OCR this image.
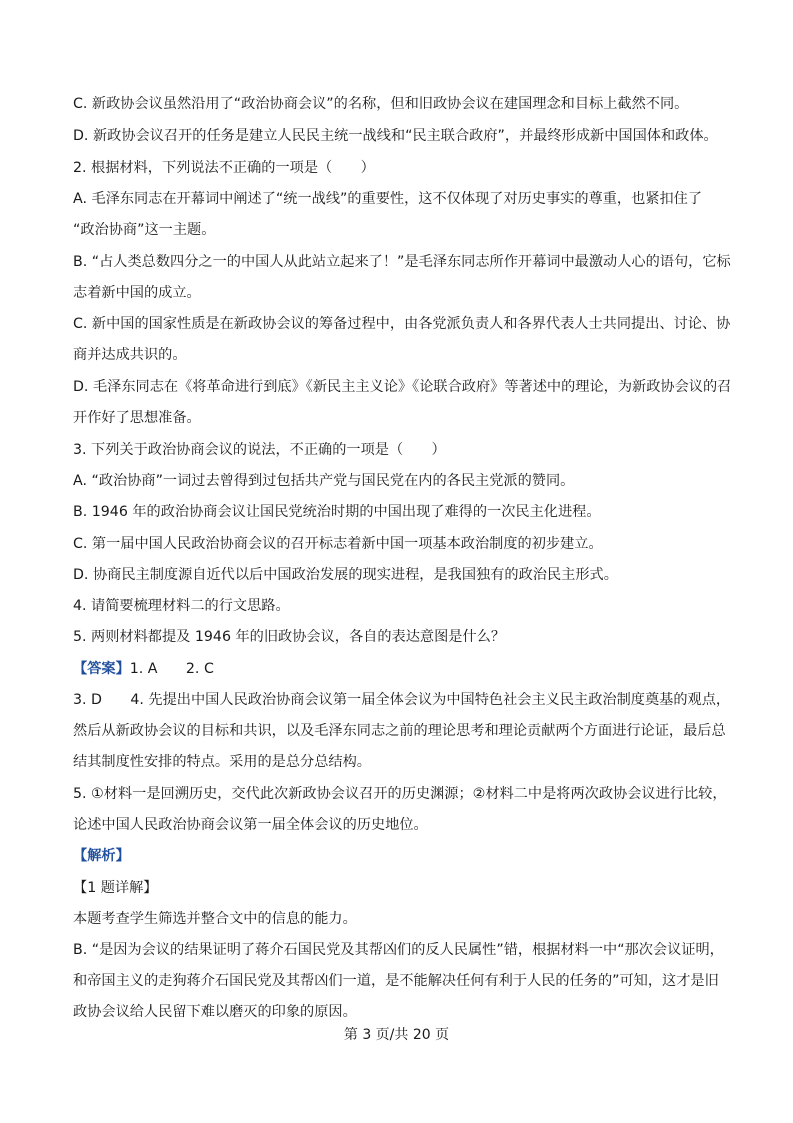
C. 新政协会议虽然沿用了“政治协商会议”的名称，但和旧政协会议在建国理念和目标上截然不同。
D. 新政协会议召开的任务是建立人民民主统一战线和“民主联合政府”，并最终形成新中国国体和政体。
2. 根据材料，下列说法不正确的一项是（　　）
A. 毛泽东同志在开幕词中阐述了“统一战线”的重要性，这不仅体现了对历史事实的尊重，也紧扣住了
“政治协商”这一主题。
B. “占人类总数四分之一的中国人从此站立起来了！”是毛泽东同志所作开幕词中最激动人心的语句，它标
志着新中国的成立。
C. 新中国的国家性质是在新政协会议的筹备过程中，由各党派负责人和各界代表人士共同提出、讨论、协
商并达成共识的。
D. 毛泽东同志在《将革命进行到底》《新民主主义论》《论联合政府》等著述中的理论，为新政协会议的召
开作好了思想准备。
3. 下列关于政治协商会议的说法，不正确的一项是（　　）
A. “政治协商”一词过去曾得到过包括共产党与国民党在内的各民主党派的赞同。
B. 1946 年的政治协商会议让国民党统治时期的中国出现了难得的一次民主化进程。
C. 第一届中国人民政治协商会议的召开标志着新中国一项基本政治制度的初步建立。
D. 协商民主制度源自近代以后中国政治发展的现实进程，是我国独有的政治民主形式。
4. 请简要梳理材料二的行文思路。
5. 两则材料都提及 1946 年的旧政协会议，各自的表达意图是什么？
【答案】1. A　　2. C
3. D　　4. 先提出中国人民政治协商会议第一届全体会议为中国特色社会主义民主政治制度奠基的观点，
然后从新政协会议的目标和共识，以及毛泽东同志之前的理论思考和理论贡献两个方面进行论证，最后总
结其制度性安排的特点。采用的是总分总结构。
5. ①材料一是回溯历史，交代此次新政协会议召开的历史渊源；②材料二中是将两次政协会议进行比较，
论述中国人民政治协商会议第一届全体会议的历史地位。
【解析】
【1 题详解】
本题考查学生筛选并整合文中的信息的能力。
B. “是因为会议的结果证明了蒋介石国民党及其帮凶们的反人民属性”错，根据材料一中“那次会议证明，
和帝国主义的走狗蒋介石国民党及其帮凶们一道，是不能解决任何有利于人民的任务的”可知，这才是旧
政协会议给人民留下难以磨灭的印象的原因。
第 3 页/共 20 页
